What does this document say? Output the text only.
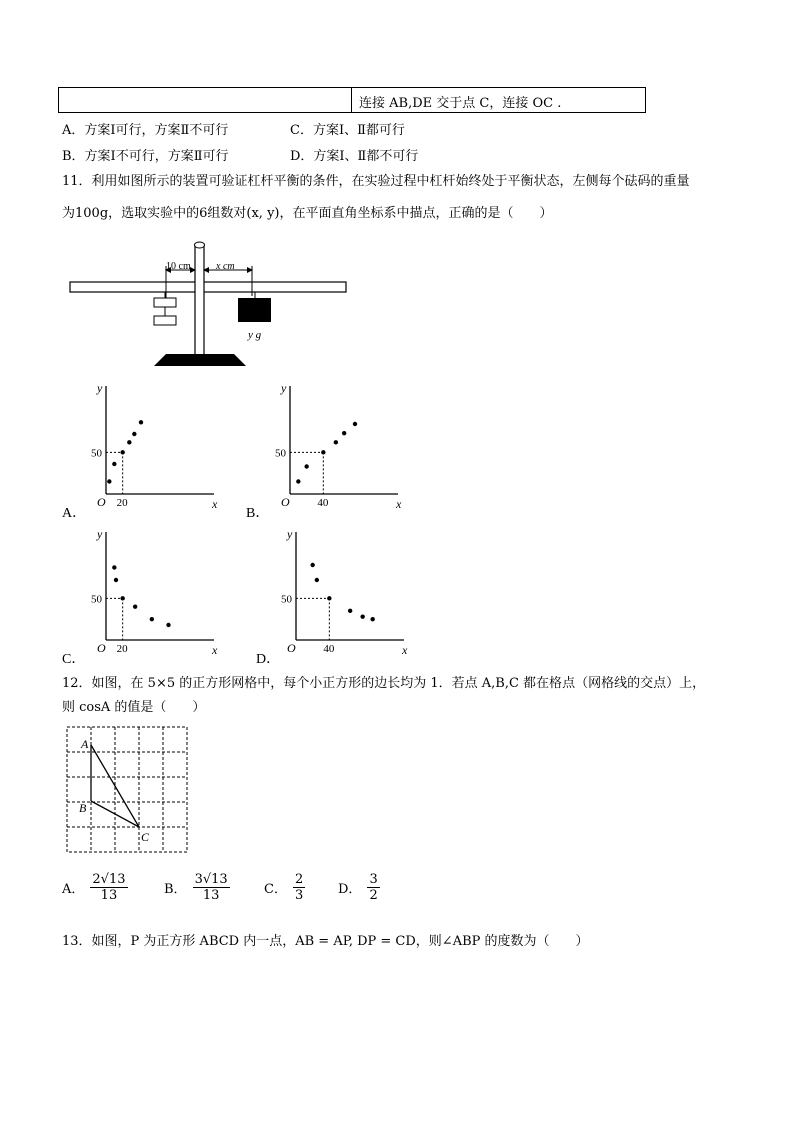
连接 AB,DE 交于点 C，连接 OC .
A．方案Ⅰ可行，方案Ⅱ不可行	C．方案Ⅰ、Ⅱ都可行
B．方案Ⅰ不可行，方案Ⅱ可行	D．方案Ⅰ、Ⅱ都不可行
11．利用如图所示的装置可验证杠杆平衡的条件，在实验过程中杠杆始终处于平衡状态，左侧每个砝码的重量
为100g，选取实验中的6组数对(x, y)，在平面直角坐标系中描点，正确的是（　　）
10 cm	x cm
y g
A．	B．
C．	D．
50
20
O	x
y
50
40
O	x
y
50
20
O	x
y
50
40
O	x
y
12．如图，在 5×5 的正方形网格中，每个小正方形的边长均为 1．若点 A,B,C 都在格点（网格线的交点）上，
则 cosA 的值是（　　）
A
B
C
A． $\frac{2√13}{13}$	B． $\frac{3√13}{13}$	C． $\frac{2}{3}$	D． $\frac{3}{2}$
13．如图，P 为正方形 ABCD 内一点，AB = AP, DP = CD，则∠ABP 的度数为（　　）
